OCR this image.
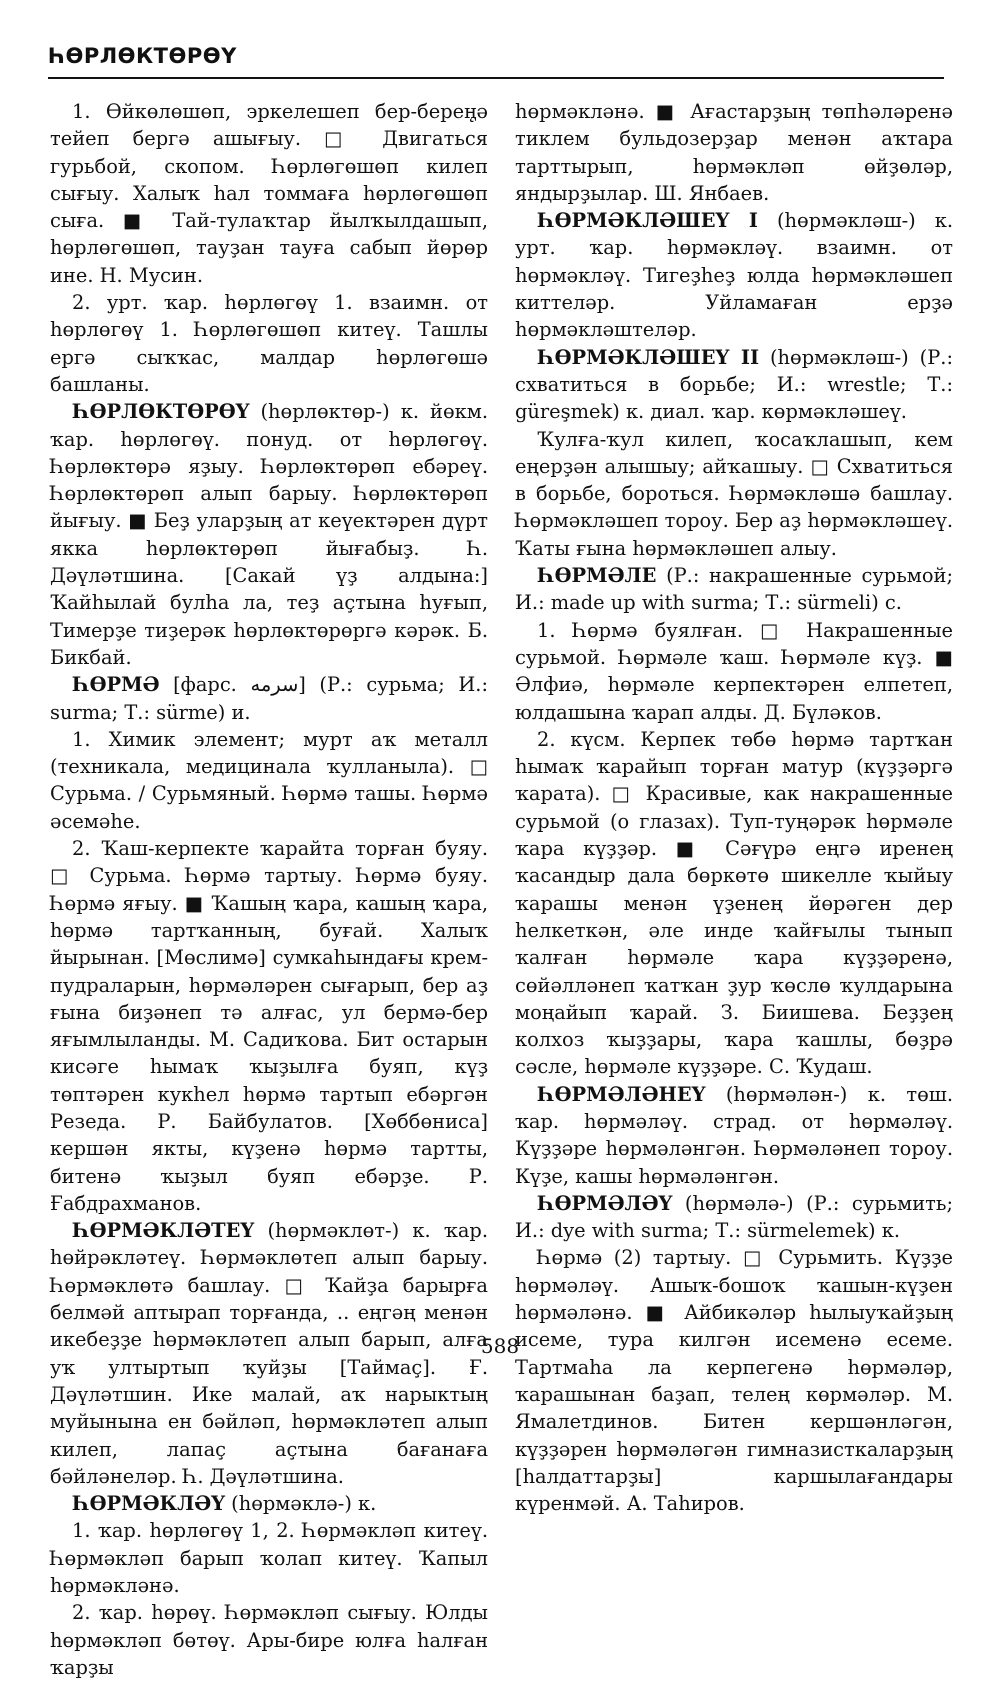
ҺӨРЛӨКТӨРӨҮ

1. Өйкөлөшөп, эркелешеп бер-берең̨ә тейеп бергә ашығыу. □ Двигаться гурьбой, скопом. Һөрлөгөшөп килеп сығыу. Халыҡ һал томмаға һөрлөгөшөп сыға. ■ Тай-тулаҡтар йылҡылдашып, һөрлөгөшөп, тауҙан тауға сабып йөрөр ине. Н. Мусин.

2. урт. ҡар. һөрлөгөү 1. взаимн. от һөрлөгөү 1. Һөрлөгөшөп китеү. Ташлы ергә сыҡҡас, малдар һөрлөгөшә башланы.

ҺӨРЛӨКТӨРӨҮ (һөрлөктөр-) к. йөкм. ҡар. һөрлөгөү. понуд. от һөрлөгөү. Һөрлөктөрә яҙыу. Һөрлөктөрөп ебәреү. Һөрлөктөрөп алып барыу. Һөрлөктөрөп йығыу. ■ Беҙ уларҙың ат кеүектәрен дүрт якка һөрлөктөрөп йығабыҙ. Һ. Дәүләтшина. [Сакай үҙ алдына:] Ҡайһылай булһа ла, теҙ аҫтына һуғып, Тимерҙе тиҙерәк һөрлөктөрөргә кәрәк. Б. Бикбай.

ҺӨРМӘ [фарс. سرمه] (Р.: сурьма; И.: surma; Т.: sürme) и.

1. Химик элемент; мурт аҡ металл (техникала, медицинала ҡулланыла). □ Сурьма. / Сурьмяный. Һөрмә ташы. Һөрмә әсемәһе.

2. Ҡаш-керпекте ҡарайта торған буяу. □ Сурьма. Һөрмә тартыу. Һөрмә буяу. Һөрмә яғыу. ■ Ҡашың ҡара, кашың ҡара, һөрмә тартҡанның, буғай. Халыҡ йырынан. [Мөслимә] сумкаһындағы крем-пудраларын, һөрмәләрен сығарып, бер аҙ ғына биҙәнеп тә алғас, ул бермә-бер яғымлыланды. М. Садиҡова. Бит остарын кисәге һымаҡ ҡыҙылға буяп, күҙ төптәрен кукһел һөрмә тартып ебәргән Резеда. Р. Байбулатов. [Хөббөниса] кершән якты, күҙенә һөрмә тартты, битенә ҡыҙыл буяп ебәрҙе. Р. Ғабдрахманов.

ҺӨРМӘКЛӘТЕҮ (һөрмәклөт-) к. ҡар. һөйрәкләтеү. Һөрмәклөтеп алып барыу. Һөрмәклөтә башлау. □ Ҡайҙа барырға белмәй аптырап торғанда, .. еңгәң менән икебеҙҙе һөрмәкләтеп алып барып, алға уҡ ултыртып ҡуйҙы [Таймаҫ]. Ғ. Дәүләтшин. Ике малай, аҡ нарыктың муйынына ен бәйләп, һөрмәкләтеп алып килеп, лапаҫ аҫтына бағанаға бәйләнеләр. Һ. Дәүләтшина.

ҺӨРМӘКЛӘҮ (һөрмәклә-) к.

1. ҡар. һөрлөгөү 1, 2. Һөрмәкләп китеү. Һөрмәкләп барып ҡолап китеү. Ҡапыл һөрмәкләнә.

2. ҡар. һөрөү. Һөрмәкләп сығыу. Юлды һөрмәкләп бөтөү. Ары-бире юлға һалған ҡарҙы

һөрмәкләнә. ■ Ағастарҙың төпһәләренә тиклем бульдозерҙар менән аҡтара тарттырып, һөрмәкләп өйҙөләр, яндырҙылар. Ш. Янбаев.

ҺӨРМӘКЛӘШЕҮ I (һөрмәкләш-) к. урт. ҡар. һөрмәкләү. взаимн. от һөрмәкләү. Тигеҙһеҙ юлда һөрмәкләшеп киттеләр. Уйламаған ерҙә һөрмәкләштеләр.

ҺӨРМӘКЛӘШЕҮ II (һөрмәкләш-) (Р.: схватиться в борьбе; И.: wrestle; Т.: güreşmek) к. диал. ҡар. көрмәкләшеү.

Ҡулға-ҡул килеп, ҡосаҡлашып, кем еңерҙән алышыу; айҡашыу. □ Схватиться в борьбе, бороться. Һөрмәкләшә башлау. Һөрмәкләшеп тороу. Бер аҙ һөрмәкләшеү. Ҡаты ғына һөрмәкләшеп алыу.

ҺӨРМӘЛЕ (Р.: накрашенные сурьмой; И.: made up with surma; Т.: sürmeli) с.

1. Һөрмә буялған. □ Накрашенные сурьмой. Һөрмәле ҡаш. Һөрмәле күҙ. ■ Әлфиә, һөрмәле керпектәрен елпетеп, юлдашына ҡарап алды. Д. Бүләков.

2. күсм. Керпек төбө һөрмә тартҡан һымаҡ ҡарайып торған матур (күҙҙәргә ҡарата). □ Красивые, как накрашенные сурьмой (о глазах). Туп-туңәрәк һөрмәле ҡара күҙҙәр. ■ Сәғүрә еңгә иренең ҡасандыр дала бөркөтө шикелле ҡыйыу ҡарашы менән үҙенең йөрәген дер һелкеткән, әле инде ҡайғылы тынып ҡалған һөрмәле ҡара күҙҙәренә, сөйәлләнеп ҡатҡан ҙур ҡөслө ҡулдарына моңайып ҡарай. З. Биишева. Беҙҙең колхоз ҡыҙҙары, ҡара ҡашлы, бөҙрә сәсле, һөрмәле күҙҙәре. С. Ҡудаш.

ҺӨРМӘЛӘНЕҮ (һөрмәлән-) к. төш. ҡар. һөрмәләү. страд. от һөрмәләү. Күҙҙәре һөрмәләнгән. Һөрмәләнеп тороу. Күҙе, кашы һөрмәләнгән.

ҺӨРМӘЛӘҮ (һөрмәлә-) (Р.: сурьмить; И.: dye with surma; Т.: sürmelemek) к.

Һөрмә (2) тартыу. □ Сурьмить. Күҙҙе һөрмәләү. Ашыҡ-бошоҡ ҡашын-күҙен һөрмәләнә. ■ Айбикәләр һылыуҡайҙың исеме, тура килгән исеменә есеме. Тартмаһа ла керпегенә һөрмәләр, ҡарашынан баҙап, телең көрмәләр. М. Ямалетдинов. Битен кершәнләгән, күҙҙәрен һөрмәләгән гимназисткаларҙың [һалдаттарҙы] каршылағандары күренмәй. А. Таһиров.

588
